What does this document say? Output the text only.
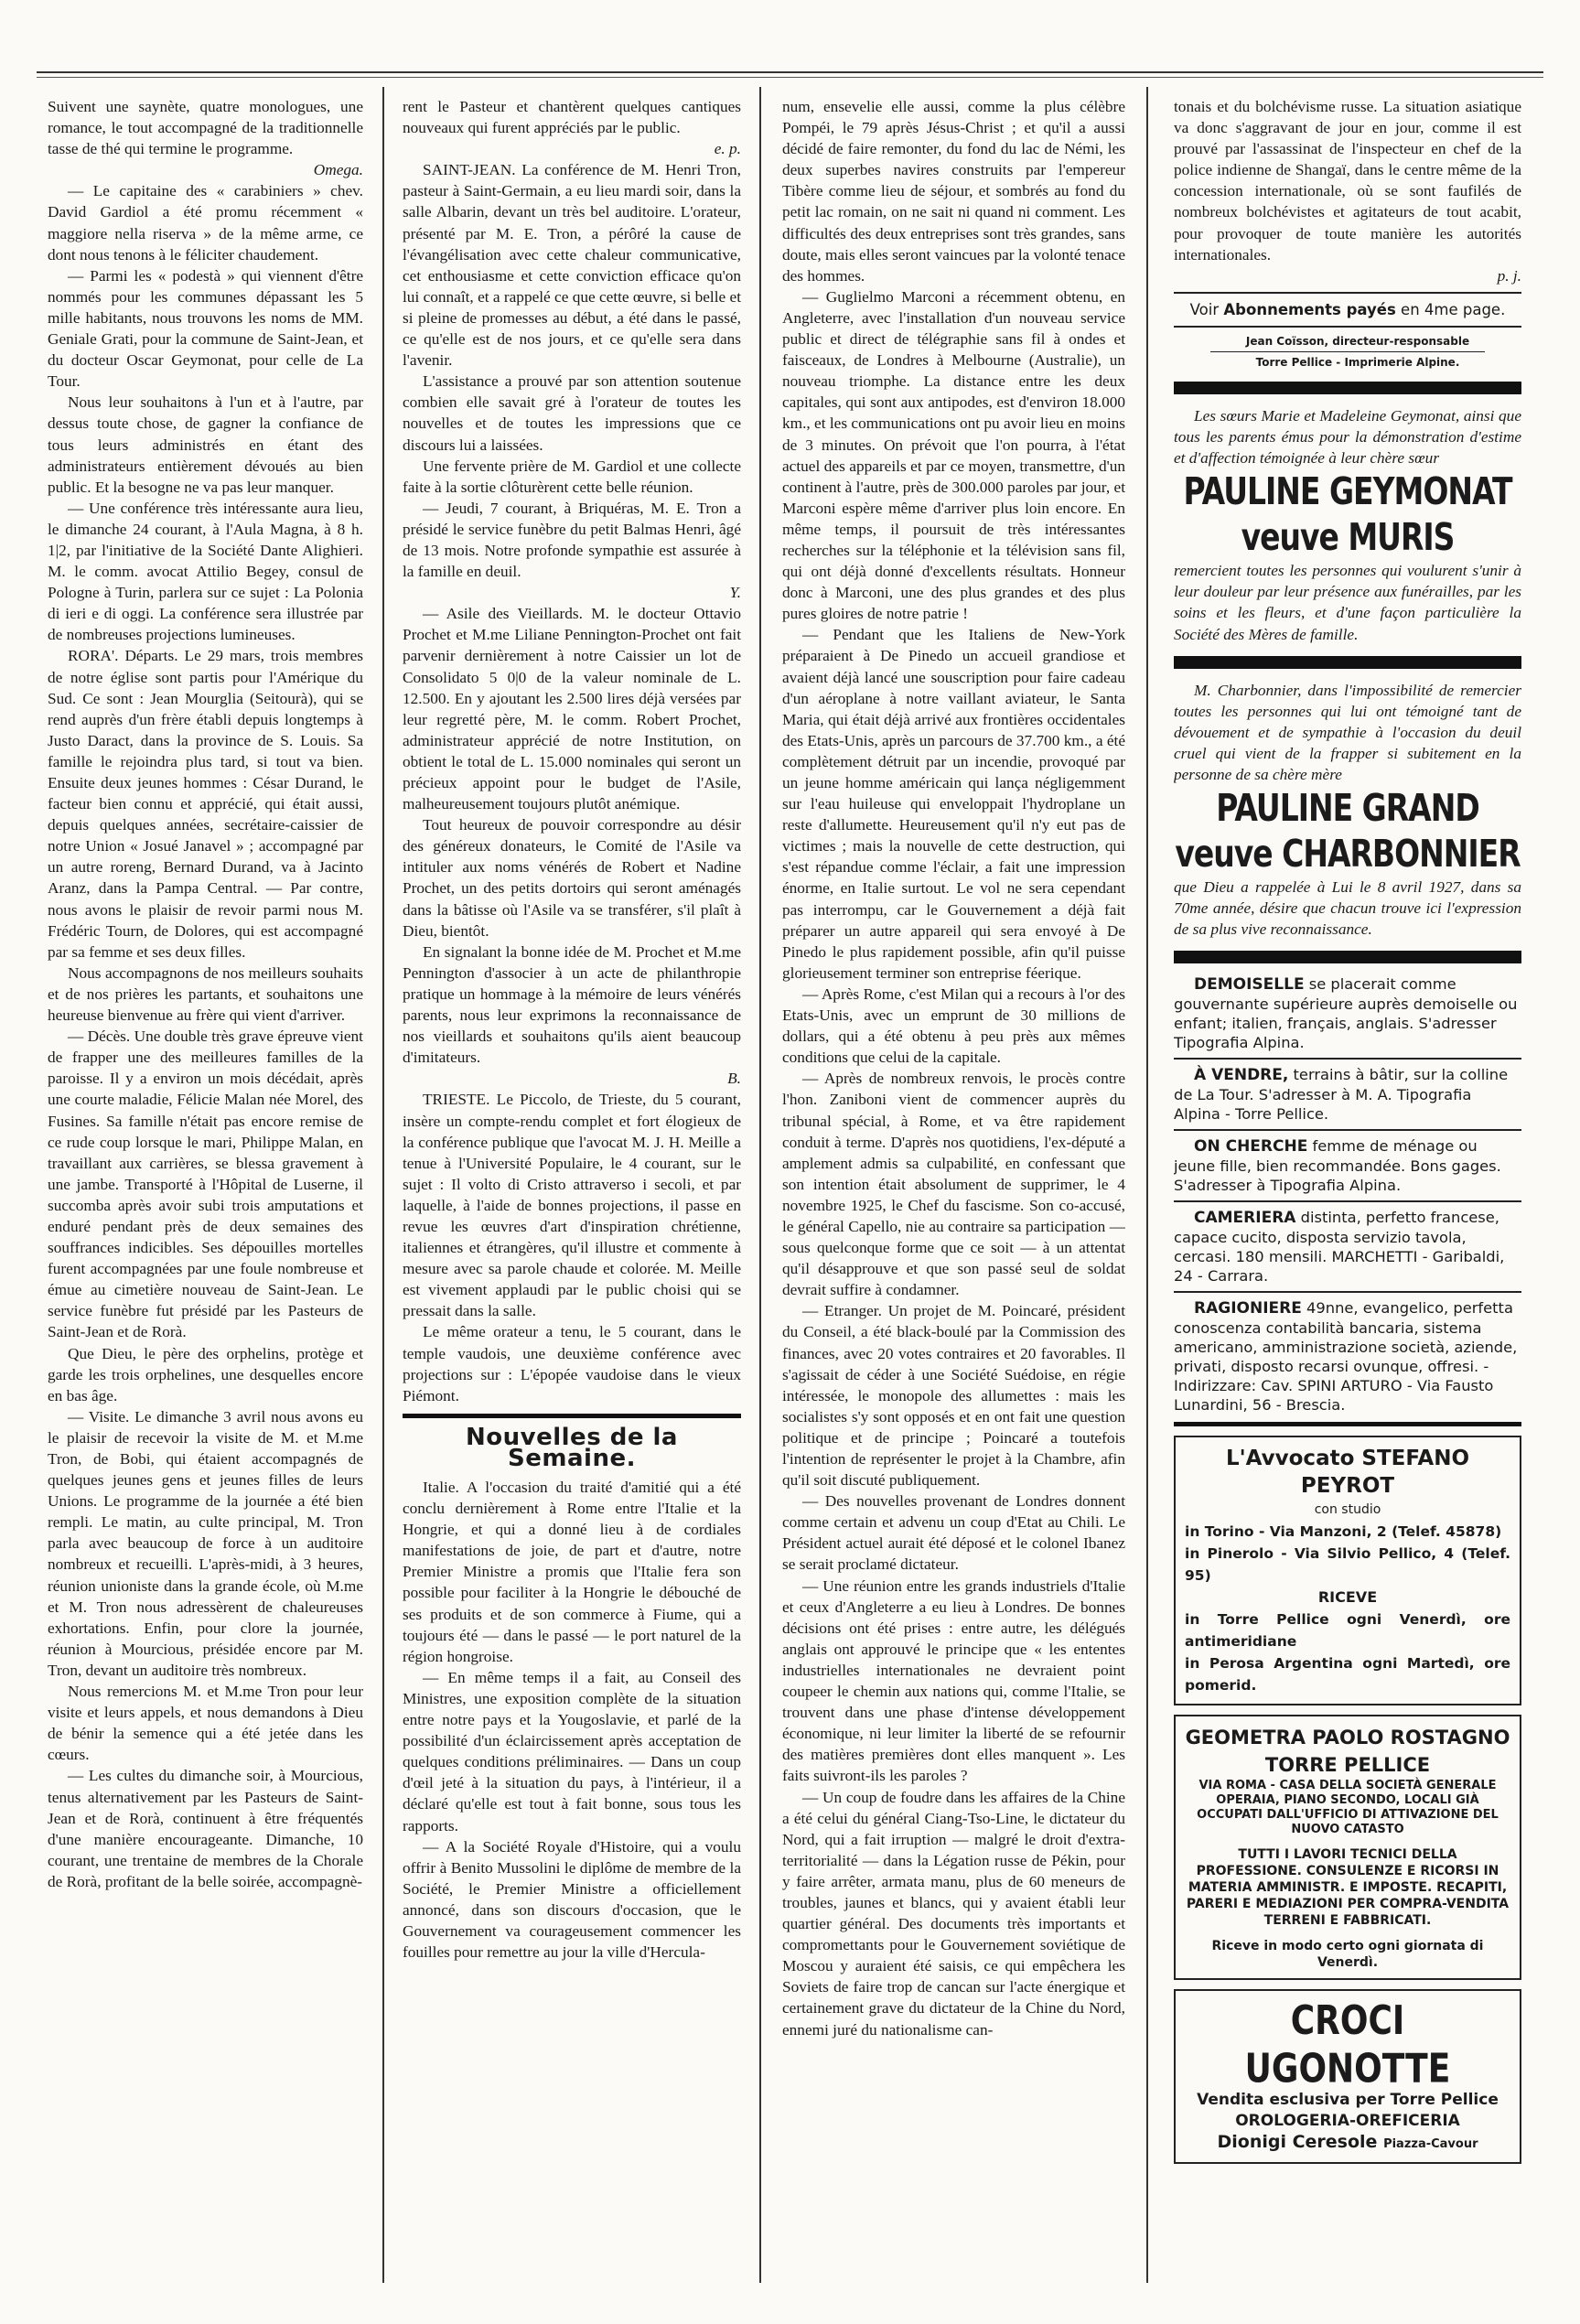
Suivent une saynète, quatre monologues, une romance, le tout accompagné de la traditionnelle tasse de thé qui termine le programme.

Omega.

— Le capitaine des « carabiniers » chev. David Gardiol a été promu récemment « maggiore nella riserva » de la même arme, ce dont nous tenons à le féliciter chaudement.

— Parmi les « podestà » qui viennent d'être nommés pour les communes dépassant les 5 mille habitants, nous trouvons les noms de MM. Geniale Grati, pour la commune de Saint-Jean, et du docteur Oscar Geymonat, pour celle de La Tour.

Nous leur souhaitons à l'un et à l'autre, par dessus toute chose, de gagner la confiance de tous leurs administrés en étant des administrateurs entièrement dévoués au bien public. Et la besogne ne va pas leur manquer.

— Une conférence très intéressante aura lieu, le dimanche 24 courant, à l'Aula Magna, à 8 h. 1|2, par l'initiative de la Société Dante Alighieri. M. le comm. avocat Attilio Begey, consul de Pologne à Turin, parlera sur ce sujet : La Polonia di ieri e di oggi. La conférence sera illustrée par de nombreuses projections lumineuses.

RORA'. Départs. Le 29 mars, trois membres de notre église sont partis pour l'Amérique du Sud. Ce sont : Jean Mourglia (Seitourà), qui se rend auprès d'un frère établi depuis longtemps à Justo Daract, dans la province de S. Louis. Sa famille le rejoindra plus tard, si tout va bien. Ensuite deux jeunes hommes : César Durand, le facteur bien connu et apprécié, qui était aussi, depuis quelques années, secrétaire-caissier de notre Union « Josué Janavel » ; accompagné par un autre roreng, Bernard Durand, va à Jacinto Aranz, dans la Pampa Central. — Par contre, nous avons le plaisir de revoir parmi nous M. Frédéric Tourn, de Dolores, qui est accompagné par sa femme et ses deux filles.

Nous accompagnons de nos meilleurs souhaits et de nos prières les partants, et souhaitons une heureuse bienvenue au frère qui vient d'arriver.

— Décès. Une double très grave épreuve vient de frapper une des meilleures familles de la paroisse. Il y a environ un mois décédait, après une courte maladie, Félicie Malan née Morel, des Fusines. Sa famille n'était pas encore remise de ce rude coup lorsque le mari, Philippe Malan, en travaillant aux carrières, se blessa gravement à une jambe. Transporté à l'Hôpital de Luserne, il succomba après avoir subi trois amputations et enduré pendant près de deux semaines des souffrances indicibles. Ses dépouilles mortelles furent accompagnées par une foule nombreuse et émue au cimetière nouveau de Saint-Jean. Le service funèbre fut présidé par les Pasteurs de Saint-Jean et de Rorà.

Que Dieu, le père des orphelins, protège et garde les trois orphelines, une desquelles encore en bas âge.

— Visite. Le dimanche 3 avril nous avons eu le plaisir de recevoir la visite de M. et M.me Tron, de Bobi, qui étaient accompagnés de quelques jeunes gens et jeunes filles de leurs Unions. Le programme de la journée a été bien rempli. Le matin, au culte principal, M. Tron parla avec beaucoup de force à un auditoire nombreux et recueilli. L'après-midi, à 3 heures, réunion unioniste dans la grande école, où M.me et M. Tron nous adressèrent de chaleureuses exhortations. Enfin, pour clore la journée, réunion à Mourcious, présidée encore par M. Tron, devant un auditoire très nombreux.

Nous remercions M. et M.me Tron pour leur visite et leurs appels, et nous demandons à Dieu de bénir la semence qui a été jetée dans les cœurs.

— Les cultes du dimanche soir, à Mourcious, tenus alternativement par les Pasteurs de Saint-Jean et de Rorà, continuent à être fréquentés d'une manière encourageante. Dimanche, 10 courant, une trentaine de membres de la Chorale de Rorà, profitant de la belle soirée, accompagnè-

rent le Pasteur et chantèrent quelques cantiques nouveaux qui furent appréciés par le public.

e. p.

SAINT-JEAN. La conférence de M. Henri Tron, pasteur à Saint-Germain, a eu lieu mardi soir, dans la salle Albarin, devant un très bel auditoire. L'orateur, présenté par M. E. Tron, a pérôré la cause de l'évangélisation avec cette chaleur communicative, cet enthousiasme et cette conviction efficace qu'on lui connaît, et a rappelé ce que cette œuvre, si belle et si pleine de promesses au début, a été dans le passé, ce qu'elle est de nos jours, et ce qu'elle sera dans l'avenir.

L'assistance a prouvé par son attention soutenue combien elle savait gré à l'orateur de toutes les nouvelles et de toutes les impressions que ce discours lui a laissées.

Une fervente prière de M. Gardiol et une collecte faite à la sortie clôturèrent cette belle réunion.

— Jeudi, 7 courant, à Briquéras, M. E. Tron a présidé le service funèbre du petit Balmas Henri, âgé de 13 mois. Notre profonde sympathie est assurée à la famille en deuil.

Y.

— Asile des Vieillards. M. le docteur Ottavio Prochet et M.me Liliane Pennington-Prochet ont fait parvenir dernièrement à notre Caissier un lot de Consolidato 5 0|0 de la valeur nominale de L. 12.500. En y ajoutant les 2.500 lires déjà versées par leur regretté père, M. le comm. Robert Prochet, administrateur apprécié de notre Institution, on obtient le total de L. 15.000 nominales qui seront un précieux appoint pour le budget de l'Asile, malheureusement toujours plutôt anémique.

Tout heureux de pouvoir correspondre au désir des généreux donateurs, le Comité de l'Asile va intituler aux noms vénérés de Robert et Nadine Prochet, un des petits dortoirs qui seront aménagés dans la bâtisse où l'Asile va se transférer, s'il plaît à Dieu, bientôt.

En signalant la bonne idée de M. Prochet et M.me Pennington d'associer à un acte de philanthropie pratique un hommage à la mémoire de leurs vénérés parents, nous leur exprimons la reconnaissance de nos vieillards et souhaitons qu'ils aient beaucoup d'imitateurs.

B.

TRIESTE. Le Piccolo, de Trieste, du 5 courant, insère un compte-rendu complet et fort élogieux de la conférence publique que l'avocat M. J. H. Meille a tenue à l'Université Populaire, le 4 courant, sur le sujet : Il volto di Cristo attraverso i secoli, et par laquelle, à l'aide de bonnes projections, il passe en revue les œuvres d'art d'inspiration chrétienne, italiennes et étrangères, qu'il illustre et commente à mesure avec sa parole chaude et colorée. M. Meille est vivement applaudi par le public choisi qui se pressait dans la salle.

Le même orateur a tenu, le 5 courant, dans le temple vaudois, une deuxième conférence avec projections sur : L'épopée vaudoise dans le vieux Piémont.

Nouvelles de la Semaine.

Italie. A l'occasion du traité d'amitié qui a été conclu dernièrement à Rome entre l'Italie et la Hongrie, et qui a donné lieu à de cordiales manifestations de joie, de part et d'autre, notre Premier Ministre a promis que l'Italie fera son possible pour faciliter à la Hongrie le débouché de ses produits et de son commerce à Fiume, qui a toujours été — dans le passé — le port naturel de la région hongroise.

— En même temps il a fait, au Conseil des Ministres, une exposition complète de la situation entre notre pays et la Yougoslavie, et parlé de la possibilité d'un éclaircissement après acceptation de quelques conditions préliminaires. — Dans un coup d'œil jeté à la situation du pays, à l'intérieur, il a déclaré qu'elle est tout à fait bonne, sous tous les rapports.

— A la Société Royale d'Histoire, qui a voulu offrir à Benito Mussolini le diplôme de membre de la Société, le Premier Ministre a officiellement annoncé, dans son discours d'occasion, que le Gouvernement va courageusement commencer les fouilles pour remettre au jour la ville d'Hercula-

num, ensevelie elle aussi, comme la plus célèbre Pompéi, le 79 après Jésus-Christ ; et qu'il a aussi décidé de faire remonter, du fond du lac de Némi, les deux superbes navires construits par l'empereur Tibère comme lieu de séjour, et sombrés au fond du petit lac romain, on ne sait ni quand ni comment. Les difficultés des deux entreprises sont très grandes, sans doute, mais elles seront vaincues par la volonté tenace des hommes.

— Guglielmo Marconi a récemment obtenu, en Angleterre, avec l'installation d'un nouveau service public et direct de télégraphie sans fil à ondes et faisceaux, de Londres à Melbourne (Australie), un nouveau triomphe. La distance entre les deux capitales, qui sont aux antipodes, est d'environ 18.000 km., et les communications ont pu avoir lieu en moins de 3 minutes. On prévoit que l'on pourra, à l'état actuel des appareils et par ce moyen, transmettre, d'un continent à l'autre, près de 300.000 paroles par jour, et Marconi espère même d'arriver plus loin encore. En même temps, il poursuit de très intéressantes recherches sur la téléphonie et la télévision sans fil, qui ont déjà donné d'excellents résultats. Honneur donc à Marconi, une des plus grandes et des plus pures gloires de notre patrie !

— Pendant que les Italiens de New-York préparaient à De Pinedo un accueil grandiose et avaient déjà lancé une souscription pour faire cadeau d'un aéroplane à notre vaillant aviateur, le Santa Maria, qui était déjà arrivé aux frontières occidentales des Etats-Unis, après un parcours de 37.700 km., a été complètement détruit par un incendie, provoqué par un jeune homme américain qui lança négligemment sur l'eau huileuse qui enveloppait l'hydroplane un reste d'allumette. Heureusement qu'il n'y eut pas de victimes ; mais la nouvelle de cette destruction, qui s'est répandue comme l'éclair, a fait une impression énorme, en Italie surtout. Le vol ne sera cependant pas interrompu, car le Gouvernement a déjà fait préparer un autre appareil qui sera envoyé à De Pinedo le plus rapidement possible, afin qu'il puisse glorieusement terminer son entreprise féerique.

— Après Rome, c'est Milan qui a recours à l'or des Etats-Unis, avec un emprunt de 30 millions de dollars, qui a été obtenu à peu près aux mêmes conditions que celui de la capitale.

— Après de nombreux renvois, le procès contre l'hon. Zaniboni vient de commencer auprès du tribunal spécial, à Rome, et va être rapidement conduit à terme. D'après nos quotidiens, l'ex-député a amplement admis sa culpabilité, en confessant que son intention était absolument de supprimer, le 4 novembre 1925, le Chef du fascisme. Son co-accusé, le général Capello, nie au contraire sa participation — sous quelconque forme que ce soit — à un attentat qu'il désapprouve et que son passé seul de soldat devrait suffire à condamner.

— Etranger. Un projet de M. Poincaré, président du Conseil, a été black-boulé par la Commission des finances, avec 20 votes contraires et 20 favorables. Il s'agissait de céder à une Société Suédoise, en régie intéressée, le monopole des allumettes : mais les socialistes s'y sont opposés et en ont fait une question politique et de principe ; Poincaré a toutefois l'intention de représenter le projet à la Chambre, afin qu'il soit discuté publiquement.

— Des nouvelles provenant de Londres donnent comme certain et advenu un coup d'Etat au Chili. Le Président actuel aurait été déposé et le colonel Ibanez se serait proclamé dictateur.

— Une réunion entre les grands industriels d'Italie et ceux d'Angleterre a eu lieu à Londres. De bonnes décisions ont été prises : entre autre, les délégués anglais ont approuvé le principe que « les ententes industrielles internationales ne devraient point coupeer le chemin aux nations qui, comme l'Italie, se trouvent dans une phase d'intense développement économique, ni leur limiter la liberté de se refournir des matières premières dont elles manquent ». Les faits suivront-ils les paroles ?

— Un coup de foudre dans les affaires de la Chine a été celui du général Ciang-Tso-Line, le dictateur du Nord, qui a fait irruption — malgré le droit d'extra-territorialité — dans la Légation russe de Pékin, pour y faire arrêter, armata manu, plus de 60 meneurs de troubles, jaunes et blancs, qui y avaient établi leur quartier général. Des documents très importants et compromettants pour le Gouvernement soviétique de Moscou y auraient été saisis, ce qui empêchera les Soviets de faire trop de cancan sur l'acte énergique et certainement grave du dictateur de la Chine du Nord, ennemi juré du nationalisme can-

tonais et du bolchévisme russe. La situation asiatique va donc s'aggravant de jour en jour, comme il est prouvé par l'assassinat de l'inspecteur en chef de la police indienne de Shangaï, dans le centre même de la concession internationale, où se sont faufilés de nombreux bolchévistes et agitateurs de tout acabit, pour provoquer de toute manière les autorités internationales.

p. j.

Voir Abonnements payés en 4me page.

Jean Coïsson, directeur-responsable

Torre Pellice - Imprimerie Alpine.

Les sœurs Marie et Madeleine Geymonat, ainsi que tous les parents émus pour la démonstration d'estime et d'affection témoignée à leur chère sœur

PAULINE GEYMONAT veuve MURIS

remercient toutes les personnes qui voulurent s'unir à leur douleur par leur présence aux funérailles, par les soins et les fleurs, et d'une façon particulière la Société des Mères de famille.

M. Charbonnier, dans l'impossibilité de remercier toutes les personnes qui lui ont témoigné tant de dévouement et de sympathie à l'occasion du deuil cruel qui vient de la frapper si subitement en la personne de sa chère mère

PAULINE GRAND veuve CHARBONNIER

que Dieu a rappelée à Lui le 8 avril 1927, dans sa 70me année, désire que chacun trouve ici l'expression de sa plus vive reconnaissance.

DEMOISELLE se placerait comme gouvernante supérieure auprès demoiselle ou enfant; italien, français, anglais. S'adresser Tipografia Alpina.

À VENDRE, terrains à bâtir, sur la colline de La Tour. S'adresser à M. A. Tipografia Alpina - Torre Pellice.

ON CHERCHE femme de ménage ou jeune fille, bien recommandée. Bons gages. S'adresser à Tipografia Alpina.

CAMERIERA distinta, perfetto francese, capace cucito, disposta servizio tavola, cercasi. 180 mensili. MARCHETTI - Garibaldi, 24 - Carrara.

RAGIONIERE 49nne, evangelico, perfetta conoscenza contabilità bancaria, sistema americano, amministrazione società, aziende, privati, disposto recarsi ovunque, offresi. - Indirizzare: Cav. SPINI ARTURO - Via Fausto Lunardini, 56 - Brescia.

L'Avvocato STEFANO PEYROT
con studio
in Torino - Via Manzoni, 2 (Telef. 45878)
in Pinerolo - Via Silvio Pellico, 4 (Telef. 95)
RICEVE
in Torre Pellice ogni Venerdì, ore antimeridiane
in Perosa Argentina ogni Martedì, ore pomerid.
GEOMETRA PAOLO ROSTAGNO
TORRE PELLICE
VIA ROMA - CASA DELLA SOCIETÀ GENERALE OPERAIA, PIANO SECONDO, LOCALI GIÀ OCCUPATI DALL'UFFICIO DI ATTIVAZIONE DEL NUOVO CATASTO
TUTTI I LAVORI TECNICI DELLA PROFESSIONE. CONSULENZE E RICORSI IN MATERIA AMMINISTR. E IMPOSTE. RECAPITI, PARERI E MEDIAZIONI PER COMPRA-VENDITA TERRENI E FABBRICATI.
Riceve in modo certo ogni giornata di Venerdì.
CROCI UGONOTTE
Vendita esclusiva per Torre Pellice
OROLOGERIA-OREFICERIA
Dionigi Ceresole Piazza-Cavour
